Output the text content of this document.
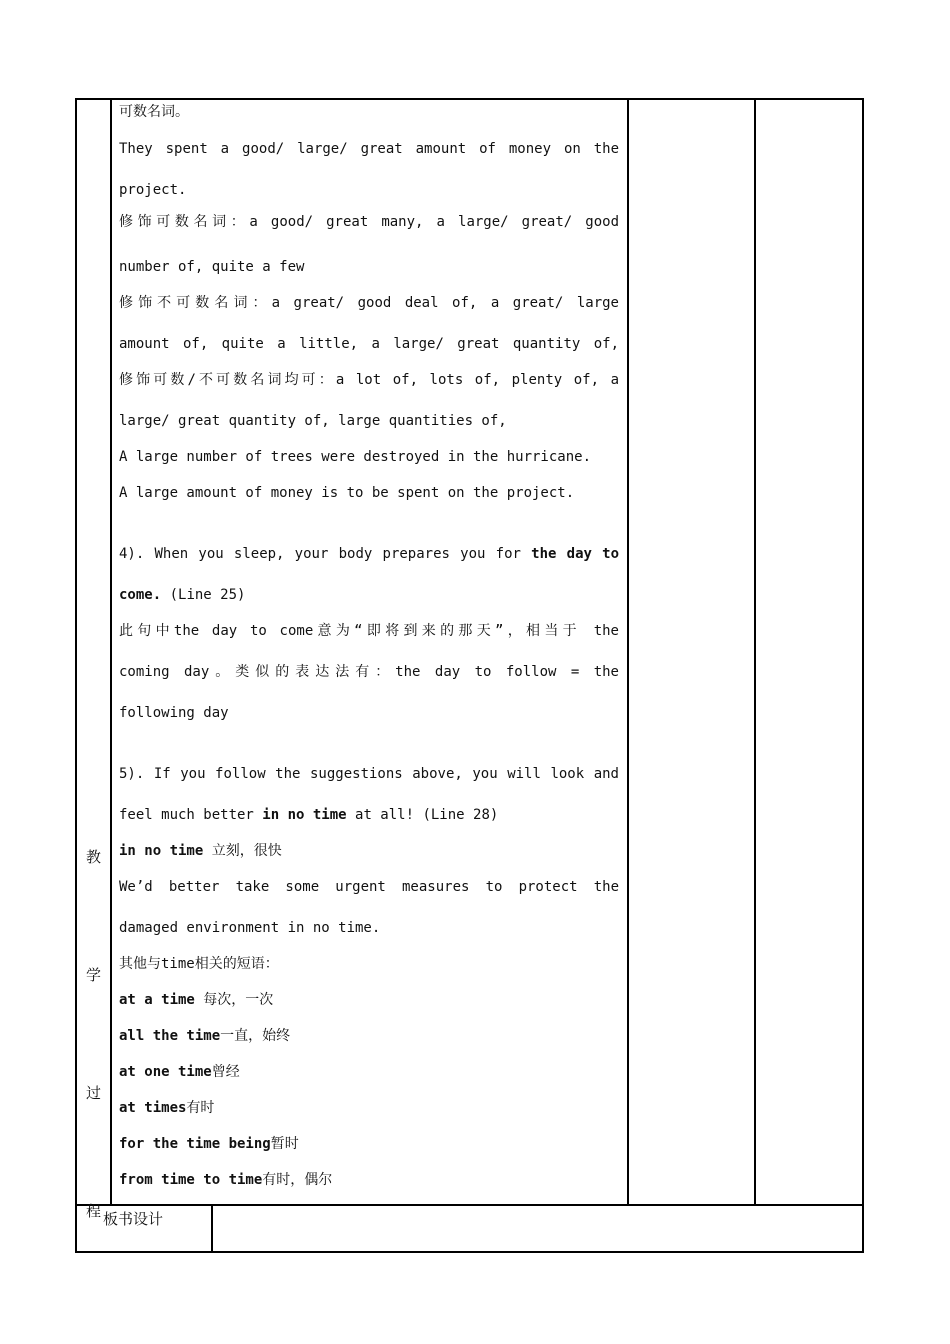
教
学
过
程 板书设计
可数名词。
They spent a good/ large/ great amount of money on the
project.
修饰可数名词：a good/ great many, a large/ great/ good
number of, quite a few
修饰不可数名词：a great/ good deal of, a great/ large
amount of, quite a little, a large/ great quantity of,
修饰可数/不可数名词均可：a lot of, lots of, plenty of, a
large/ great quantity of, large quantities of,
A large number of trees were destroyed in the hurricane.
A large amount of money is to be spent on the project.
4). When you sleep, your body prepares you for the day to
come. (Line 25)
此句中the day to come意为“即将到来的那天”，相当于 the
coming day。类似的表达法有：the day to follow = the
following day
5). If you follow the suggestions above, you will look and
feel much better in no time at all! (Line 28)
in no time 立刻，很快
We’d better take some urgent measures to protect the
damaged environment in no time.
其他与time相关的短语：
at a time 每次，一次
all the time一直，始终
at one time曾经
at times有时
for the time being暂时
from time to time有时，偶尔
